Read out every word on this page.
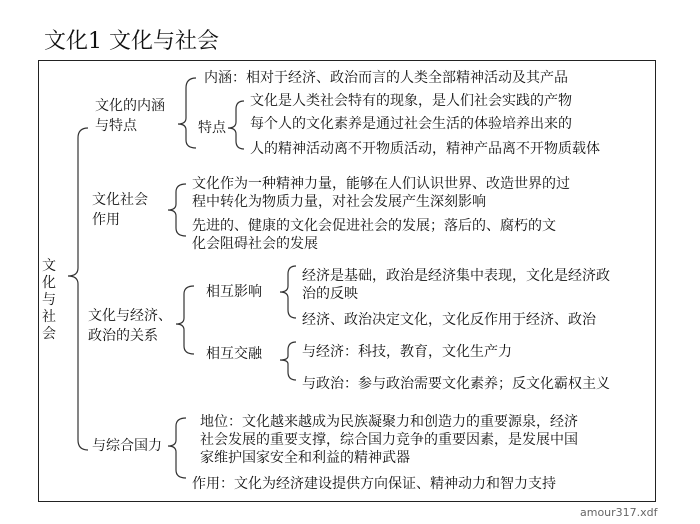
文化1 文化与社会
文化与社会
文化的内涵
与特点
内涵：相对于经济、政治而言的人类全部精神活动及其产品
特点
文化是人类社会特有的现象，是人们社会实践的产物
每个人的文化素养是通过社会生活的体验培养出来的
人的精神活动离不开物质活动，精神产品离不开物质载体
文化社会
作用
文化作为一种精神力量，能够在人们认识世界、改造世界的过
程中转化为物质力量，对社会发展产生深刻影响
先进的、健康的文化会促进社会的发展；落后的、腐朽的文
化会阻碍社会的发展
文化与经济、
政治的关系
相互影响
经济是基础，政治是经济集中表现，文化是经济政
治的反映
经济、政治决定文化，文化反作用于经济、政治
相互交融	与经济：科技，教育，文化生产力
与政治：参与政治需要文化素养；反文化霸权主义
与综合国力
地位：文化越来越成为民族凝聚力和创造力的重要源泉，经济
社会发展的重要支撑，综合国力竞争的重要因素，是发展中国
家维护国家安全和利益的精神武器
作用：文化为经济建设提供方向保证、精神动力和智力支持
amour317.xdf
